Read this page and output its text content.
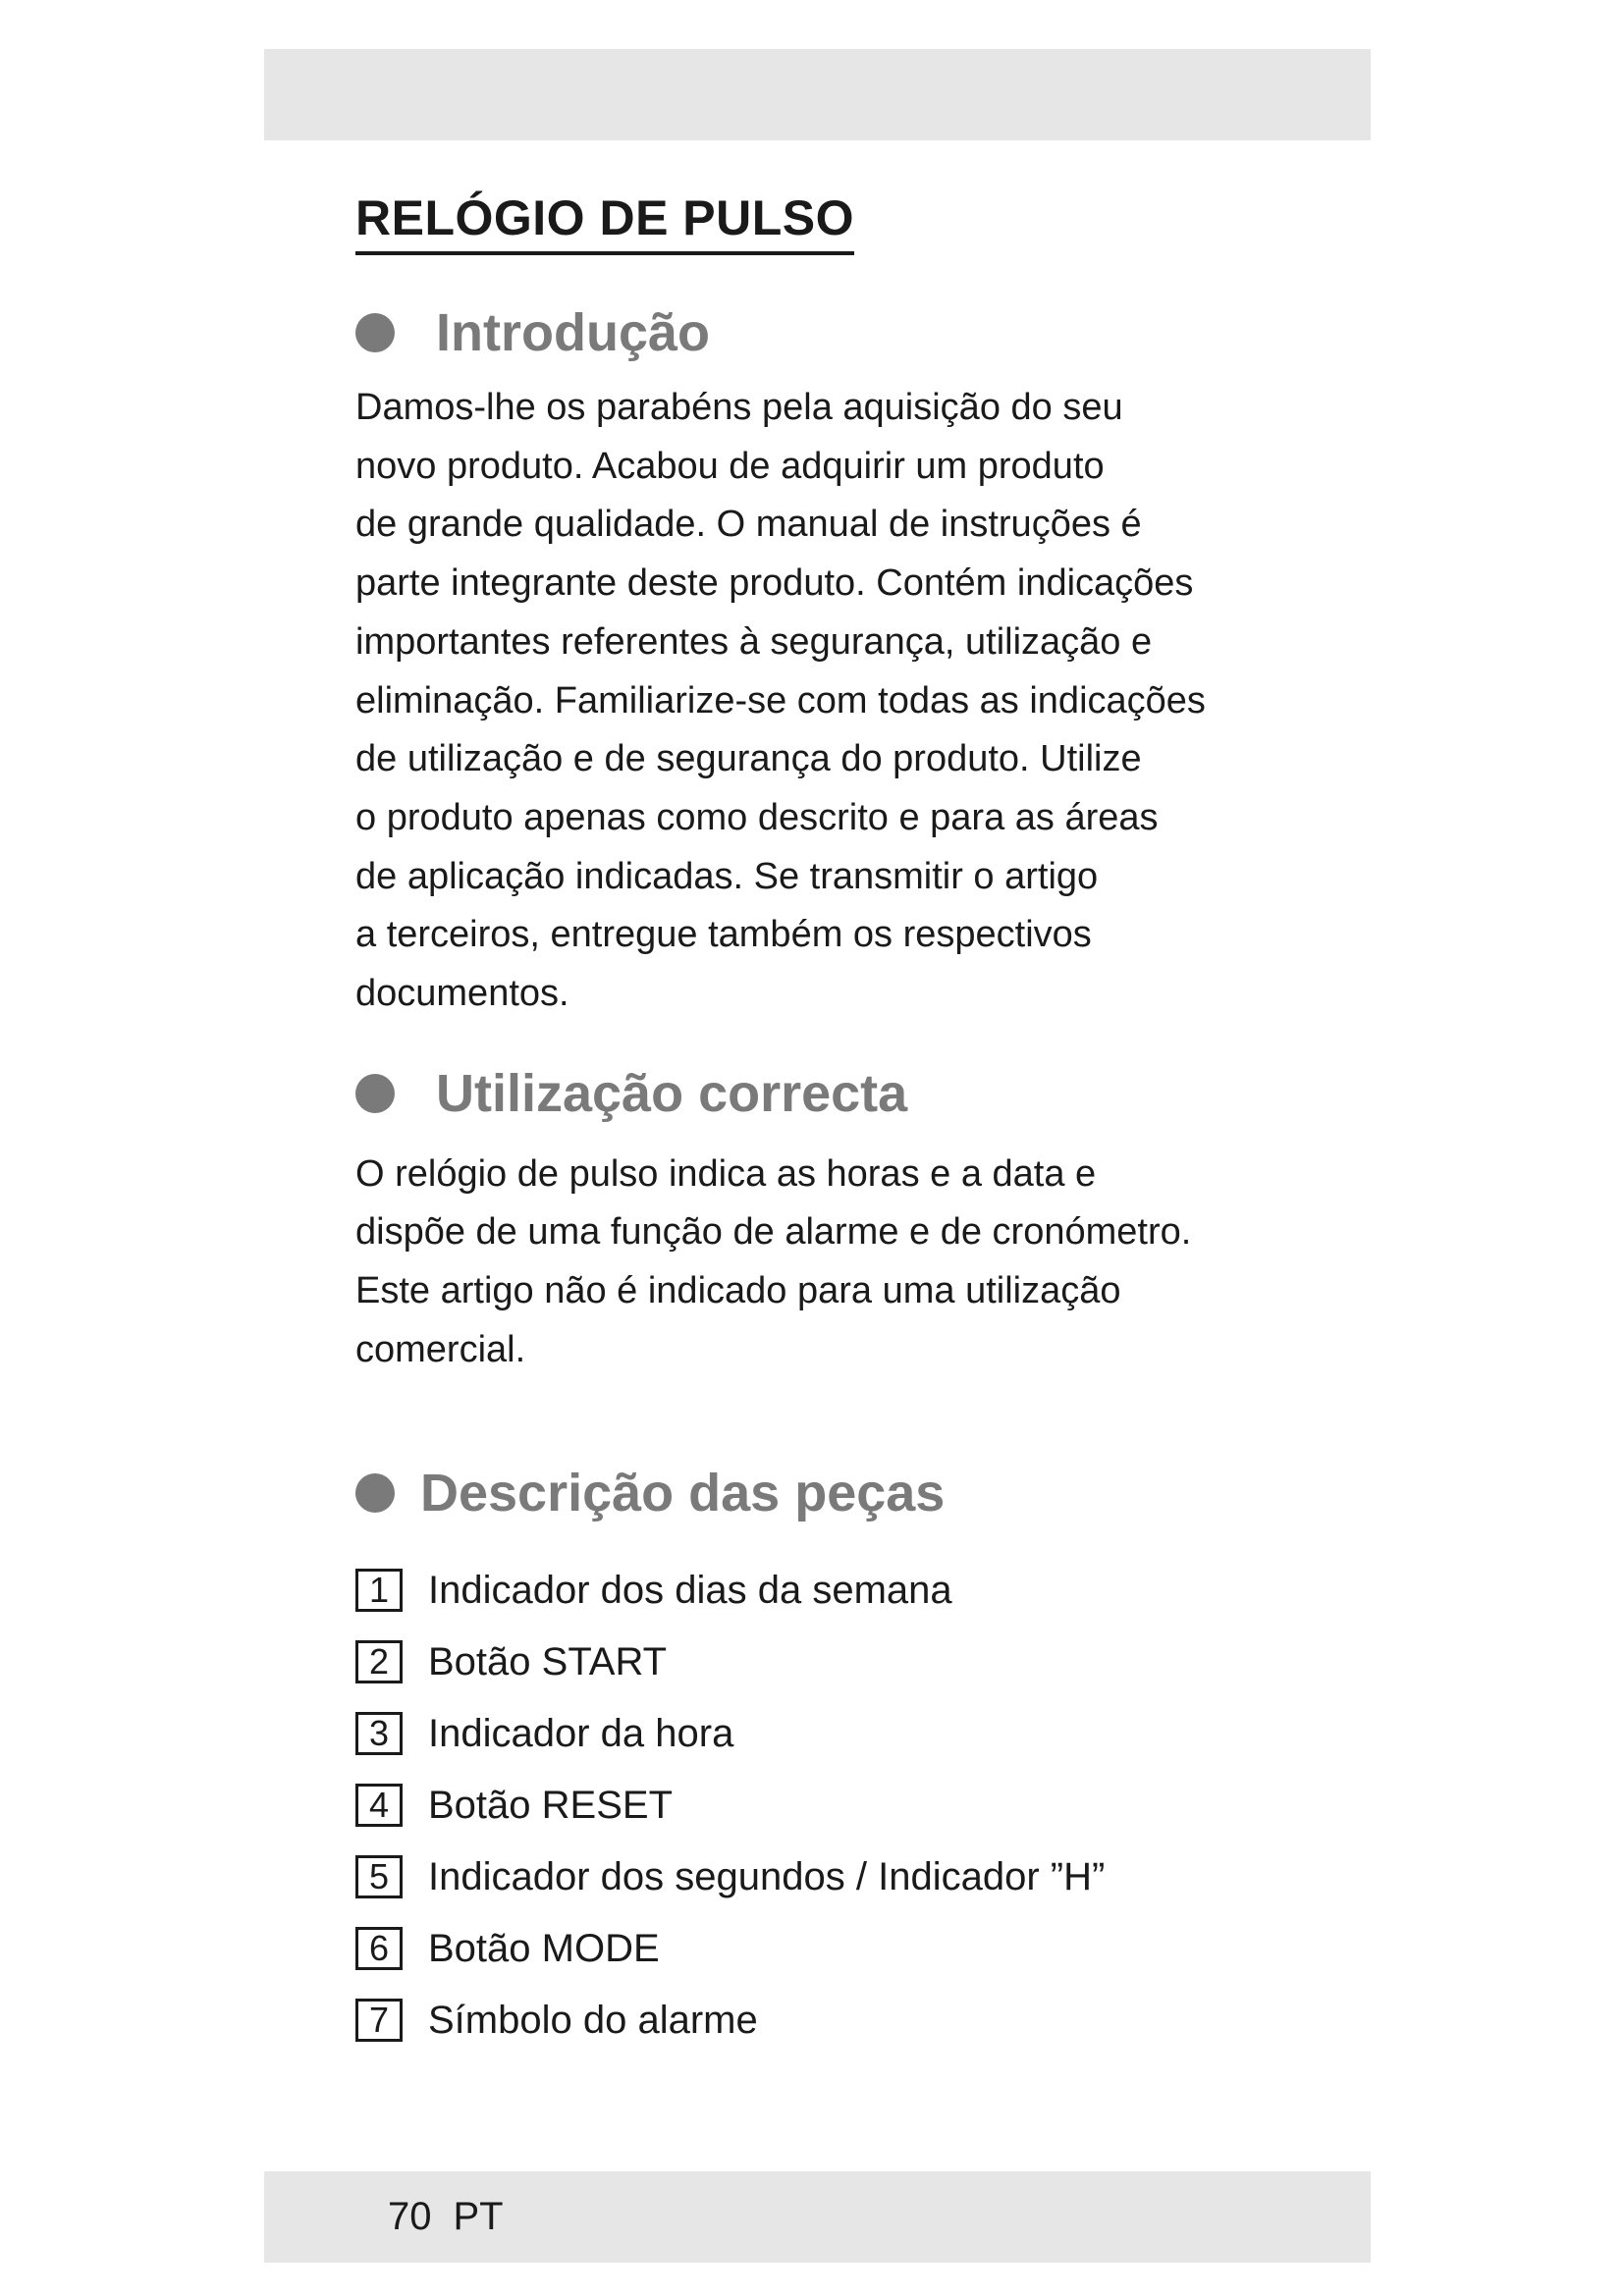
RELÓGIO DE PULSO
Introdução

Damos-lhe os parabéns pela aquisição do seu
novo produto. Acabou de adquirir um produto
de grande qualidade. O manual de instruções é
parte integrante deste produto. Contém indicações
importantes referentes à segurança, utilização e
eliminação. Familiarize-se com todas as indicações
de utilização e de segurança do produto. Utilize
o produto apenas como descrito e para as áreas
de aplicação indicadas. Se transmitir o artigo
a terceiros, entregue também os respectivos
documentos.

Utilização correcta

O relógio de pulso indica as horas e a data e
dispõe de uma função de alarme e de cronómetro.
Este artigo não é indicado para uma utilização
comercial.

Descrição das peças
1 Indicador dos dias da semana
2 Botão START
3 Indicador da hora
4 Botão RESET
5 Indicador dos segundos / Indicador ”H”
6 Botão MODE
7 Símbolo do alarme
70 PT
